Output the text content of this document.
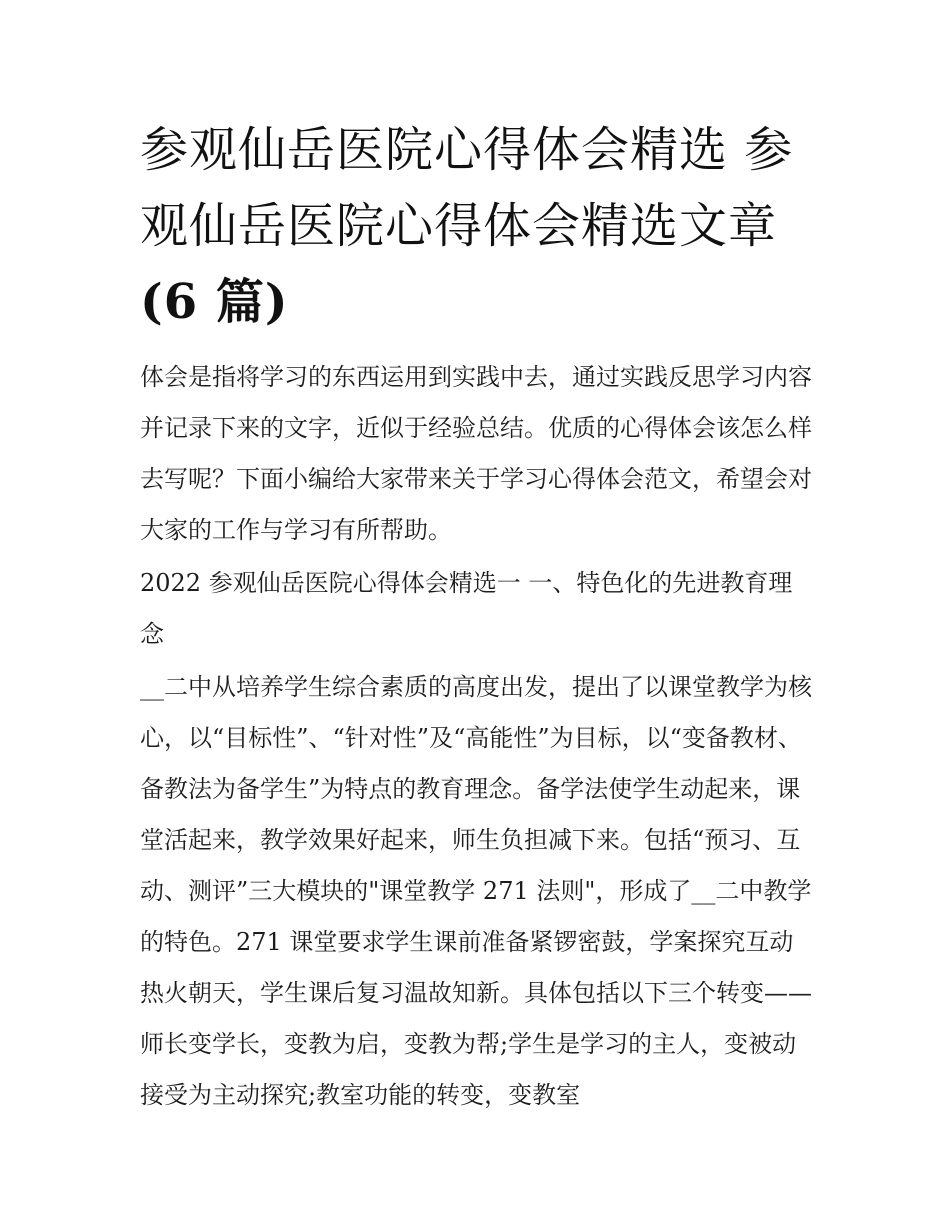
参观仙岳医院心得体会精选 参观仙岳医院心得体会精选文章
(6 篇)

体会是指将学习的东西运用到实践中去，通过实践反思学习内容并记录下来的文字，近似于经验总结。优质的心得体会该怎么样去写呢？下面小编给大家带来关于学习心得体会范文，希望会对大家的工作与学习有所帮助。

2022 参观仙岳医院心得体会精选一 一、特色化的先进教育理念

__二中从培养学生综合素质的高度出发，提出了以课堂教学为核心，以“目标性”、“针对性”及“高能性”为目标，以“变备教材、备教法为备学生”为特点的教育理念。备学法使学生动起来，课堂活起来，教学效果好起来，师生负担减下来。包括“预习、互动、测评”三大模块的"课堂教学 271 法则"，形成了__二中教学的特色。271 课堂要求学生课前准备紧锣密鼓，学案探究互动热火朝天，学生课后复习温故知新。具体包括以下三个转变——师长变学长，变教为启，变教为帮;学生是学习的主人，变被动接受为主动探究;教室功能的转变，变教室
